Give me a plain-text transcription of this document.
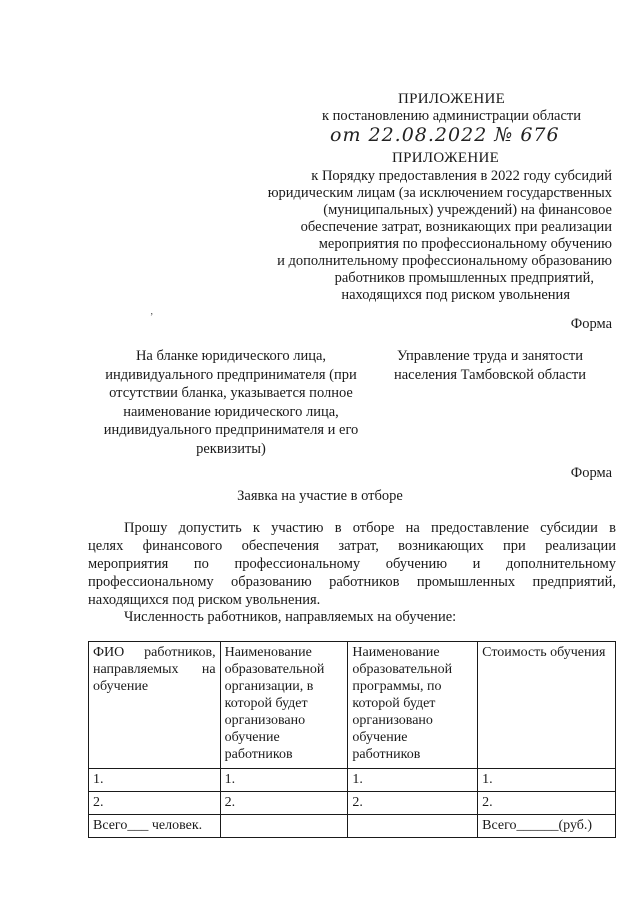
ПРИЛОЖЕНИЕ
к постановлению администрации области
от 22.08.2022 № 676
ПРИЛОЖЕНИЕ
к Порядку предоставления в 2022 году субсидий
юридическим лицам (за исключением государственных
(муниципальных) учреждений) на финансовое
обеспечение затрат, возникающих при реализации
мероприятия по профессиональному обучению
и дополнительному профессиональному образованию
работников промышленных предприятий,
находящихся под риском увольнения
ʼ	Форма
На бланке юридического лица,
индивидуального предпринимателя (при
отсутствии бланка, указывается полное
наименование юридического лица,
индивидуального предпринимателя и его
реквизиты)
Управление труда и занятости
населения Тамбовской области
Форма
Заявка на участие в отборе

Прошу допустить к участию в отборе на предоставление субсидии в

целях финансового обеспечения затрат, возникающих при реализации

мероприятия по профессиональному обучению и дополнительному

профессиональному образованию работников промышленных предприятий,

находящихся под риском увольнения.

Численность работников, направляемых на обучение:
ФИО работников, направляемых на обучение	Наименование образовательной организации, в которой будет организовано обучение работников	Наименование образовательной программы, по которой будет организовано обучение работников	Стоимость обучения
1.	1.	1.	1.
2.	2.	2.	2.
Всего___ человек.			Всего______(руб.)
